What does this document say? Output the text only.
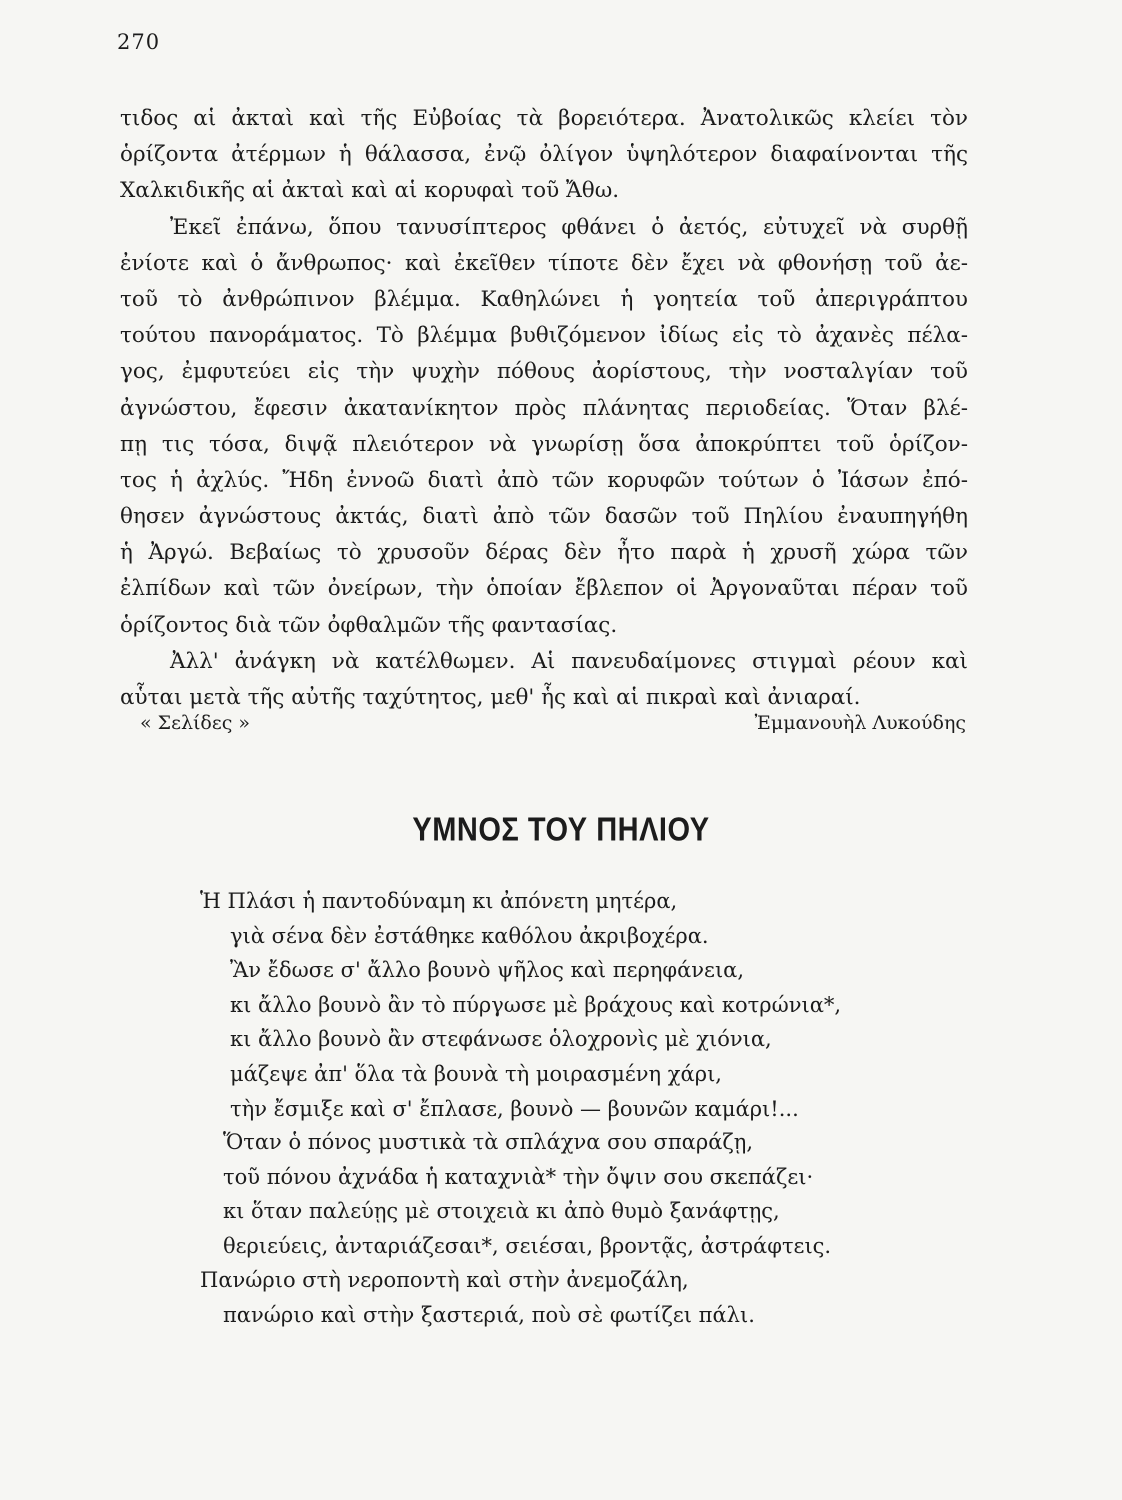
270
τιδος αἱ ἀκταὶ καὶ τῆς Εὐβοίας τὰ βορειότερα. Ἀνατολικῶς κλείει τὸν
ὁρίζοντα ἀτέρμων ἡ θάλασσα, ἐνῷ ὀλίγον ὑψηλότερον διαφαίνονται τῆς
Χαλκιδικῆς αἱ ἀκταὶ καὶ αἱ κορυφαὶ τοῦ Ἄθω.
Ἐκεῖ ἐπάνω, ὅπου τανυσίπτερος φθάνει ὁ ἀετός, εὐτυχεῖ νὰ συρθῇ
ἐνίοτε καὶ ὁ ἄνθρωπος· καὶ ἐκεῖθεν τίποτε δὲν ἔχει νὰ φθονήσῃ τοῦ ἀε-
τοῦ τὸ ἀνθρώπινον βλέμμα. Καθηλώνει ἡ γοητεία τοῦ ἀπεριγράπτου
τούτου πανοράματος. Τὸ βλέμμα βυθιζόμενον ἰδίως εἰς τὸ ἀχανὲς πέλα-
γος, ἐμφυτεύει εἰς τὴν ψυχὴν πόθους ἀορίστους, τὴν νοσταλγίαν τοῦ
ἀγνώστου, ἔφεσιν ἀκατανίκητον πρὸς πλάνητας περιοδείας. Ὅταν βλέ-
πῃ τις τόσα, διψᾷ πλειότερον νὰ γνωρίσῃ ὅσα ἀποκρύπτει τοῦ ὁρίζον-
τος ἡ ἀχλύς. Ἤδη ἐννοῶ διατὶ ἀπὸ τῶν κορυφῶν τούτων ὁ Ἰάσων ἐπό-
θησεν ἀγνώστους ἀκτάς, διατὶ ἀπὸ τῶν δασῶν τοῦ Πηλίου ἐναυπηγήθη
ἡ Ἀργώ. Βεβαίως τὸ χρυσοῦν δέρας δὲν ἦτο παρὰ ἡ χρυσῆ χώρα τῶν
ἐλπίδων καὶ τῶν ὀνείρων, τὴν ὁποίαν ἔβλεπον οἱ Ἀργοναῦται πέραν τοῦ
ὁρίζοντος διὰ τῶν ὀφθαλμῶν τῆς φαντασίας.
Ἀλλ' ἀνάγκη νὰ κατέλθωμεν. Αἱ πανευδαίμονες στιγμαὶ ρέουν καὶ
αὗται μετὰ τῆς αὐτῆς ταχύτητος, μεθ' ἧς καὶ αἱ πικραὶ καὶ ἀνιαραί.
« Σελίδες »	Ἐμμανουὴλ Λυκούδης
ΥΜΝΟΣ ΤΟΥ ΠΗΛΙΟΥ
Ἡ Πλάσι ἡ παντοδύναμη κι ἀπόνετη μητέρα,
γιὰ σένα δὲν ἐστάθηκε καθόλου ἀκριβοχέρα.
Ἂν ἔδωσε σ' ἄλλο βουνὸ ψῆλος καὶ περηφάνεια,
κι ἄλλο βουνὸ ἂν τὸ πύργωσε μὲ βράχους καὶ κοτρώνια*,
κι ἄλλο βουνὸ ἂν στεφάνωσε ὁλοχρονὶς μὲ χιόνια,
μάζεψε ἀπ' ὅλα τὰ βουνὰ τὴ μοιρασμένη χάρι,
τὴν ἔσμιξε καὶ σ' ἔπλασε, βουνὸ — βουνῶν καμάρι!...
Ὅταν ὁ πόνος μυστικὰ τὰ σπλάχνα σου σπαράζῃ,
τοῦ πόνου ἀχνάδα ἡ καταχνιὰ* τὴν ὄψιν σου σκεπάζει·
κι ὅταν παλεύῃς μὲ στοιχειὰ κι ἀπὸ θυμὸ ξανάφτῃς,
θεριεύεις, ἀνταριάζεσαι*, σειέσαι, βροντᾷς, ἀστράφτεις.
Πανώριο στὴ νεροποντὴ καὶ στὴν ἀνεμοζάλη,
πανώριο καὶ στὴν ξαστεριά, ποὺ σὲ φωτίζει πάλι.
